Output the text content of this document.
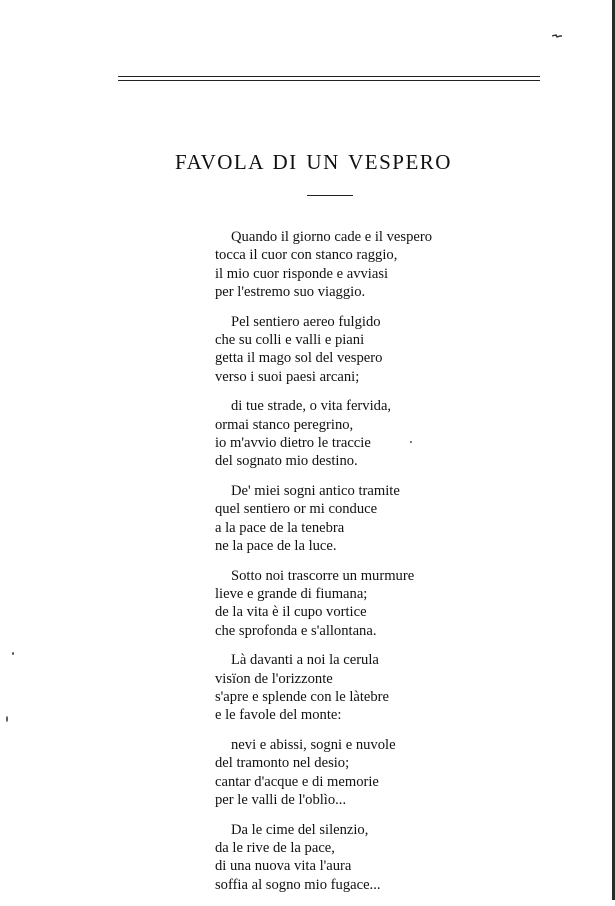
FAVOLA DI UN VESPERO
Quando il giorno cade e il vespero
tocca il cuor con stanco raggio,
il mio cuor risponde e avviasi
per l'estremo suo viaggio.
Pel sentiero aereo fulgido
che su colli e valli e piani
getta il mago sol del vespero
verso i suoi paesi arcani;
di tue strade, o vita fervida,
ormai stanco peregrino,
io m'avvio dietro le traccie
del sognato mio destino.
De' miei sogni antico tramite
quel sentiero or mi conduce
a la pace de la tenebra
ne la pace de la luce.
Sotto noi trascorre un murmure
lieve e grande di fiumana;
de la vita è il cupo vortice
che sprofonda e s'allontana.
Là davanti a noi la cerula
visïon de l'orizzonte
s'apre e splende con le làtebre
e le favole del monte:
nevi e abissi, sogni e nuvole
del tramonto nel desio;
cantar d'acque e di memorie
per le valli de l'oblìo...
Da le cime del silenzio,
da le rive de la pace,
di una nuova vita l'aura
soffia al sogno mio fugace...
